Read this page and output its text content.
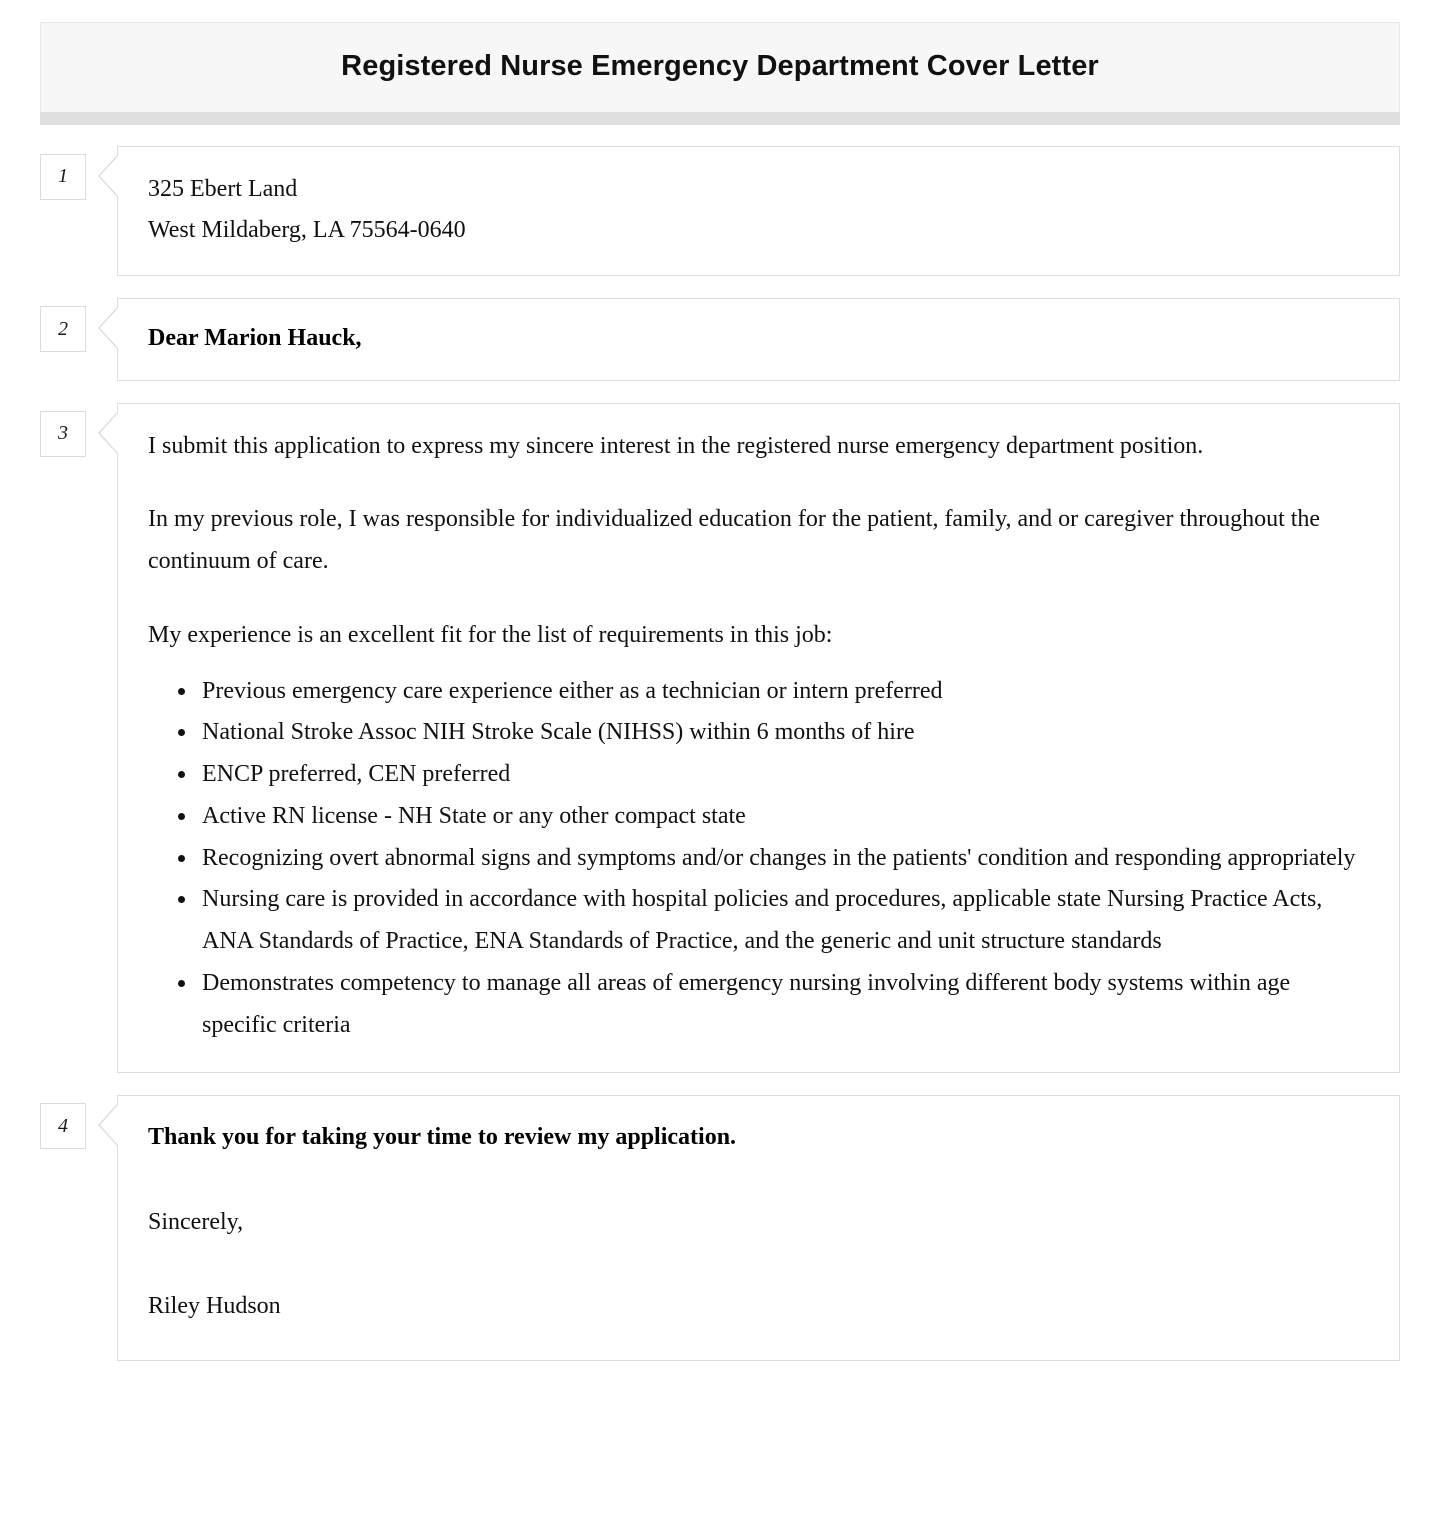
Registered Nurse Emergency Department Cover Letter
1	325 Ebert Land
West Mildaberg, LA 75564-0640
2	Dear Marion Hauck,
3	I submit this application to express my sincere interest in the registered nurse emergency department position.

In my previous role, I was responsible for individualized education for the patient, family, and or caregiver throughout the continuum of care.

My experience is an excellent fit for the list of requirements in this job:

• Previous emergency care experience either as a technician or intern preferred
• National Stroke Assoc NIH Stroke Scale (NIHSS) within 6 months of hire
• ENCP preferred, CEN preferred
• Active RN license - NH State or any other compact state
• Recognizing overt abnormal signs and symptoms and/or changes in the patients' condition and responding appropriately
• Nursing care is provided in accordance with hospital policies and procedures, applicable state Nursing Practice Acts, ANA Standards of Practice, ENA Standards of Practice, and the generic and unit structure standards
• Demonstrates competency to manage all areas of emergency nursing involving different body systems within age specific criteria
4	Thank you for taking your time to review my application.
Sincerely,
Riley Hudson
